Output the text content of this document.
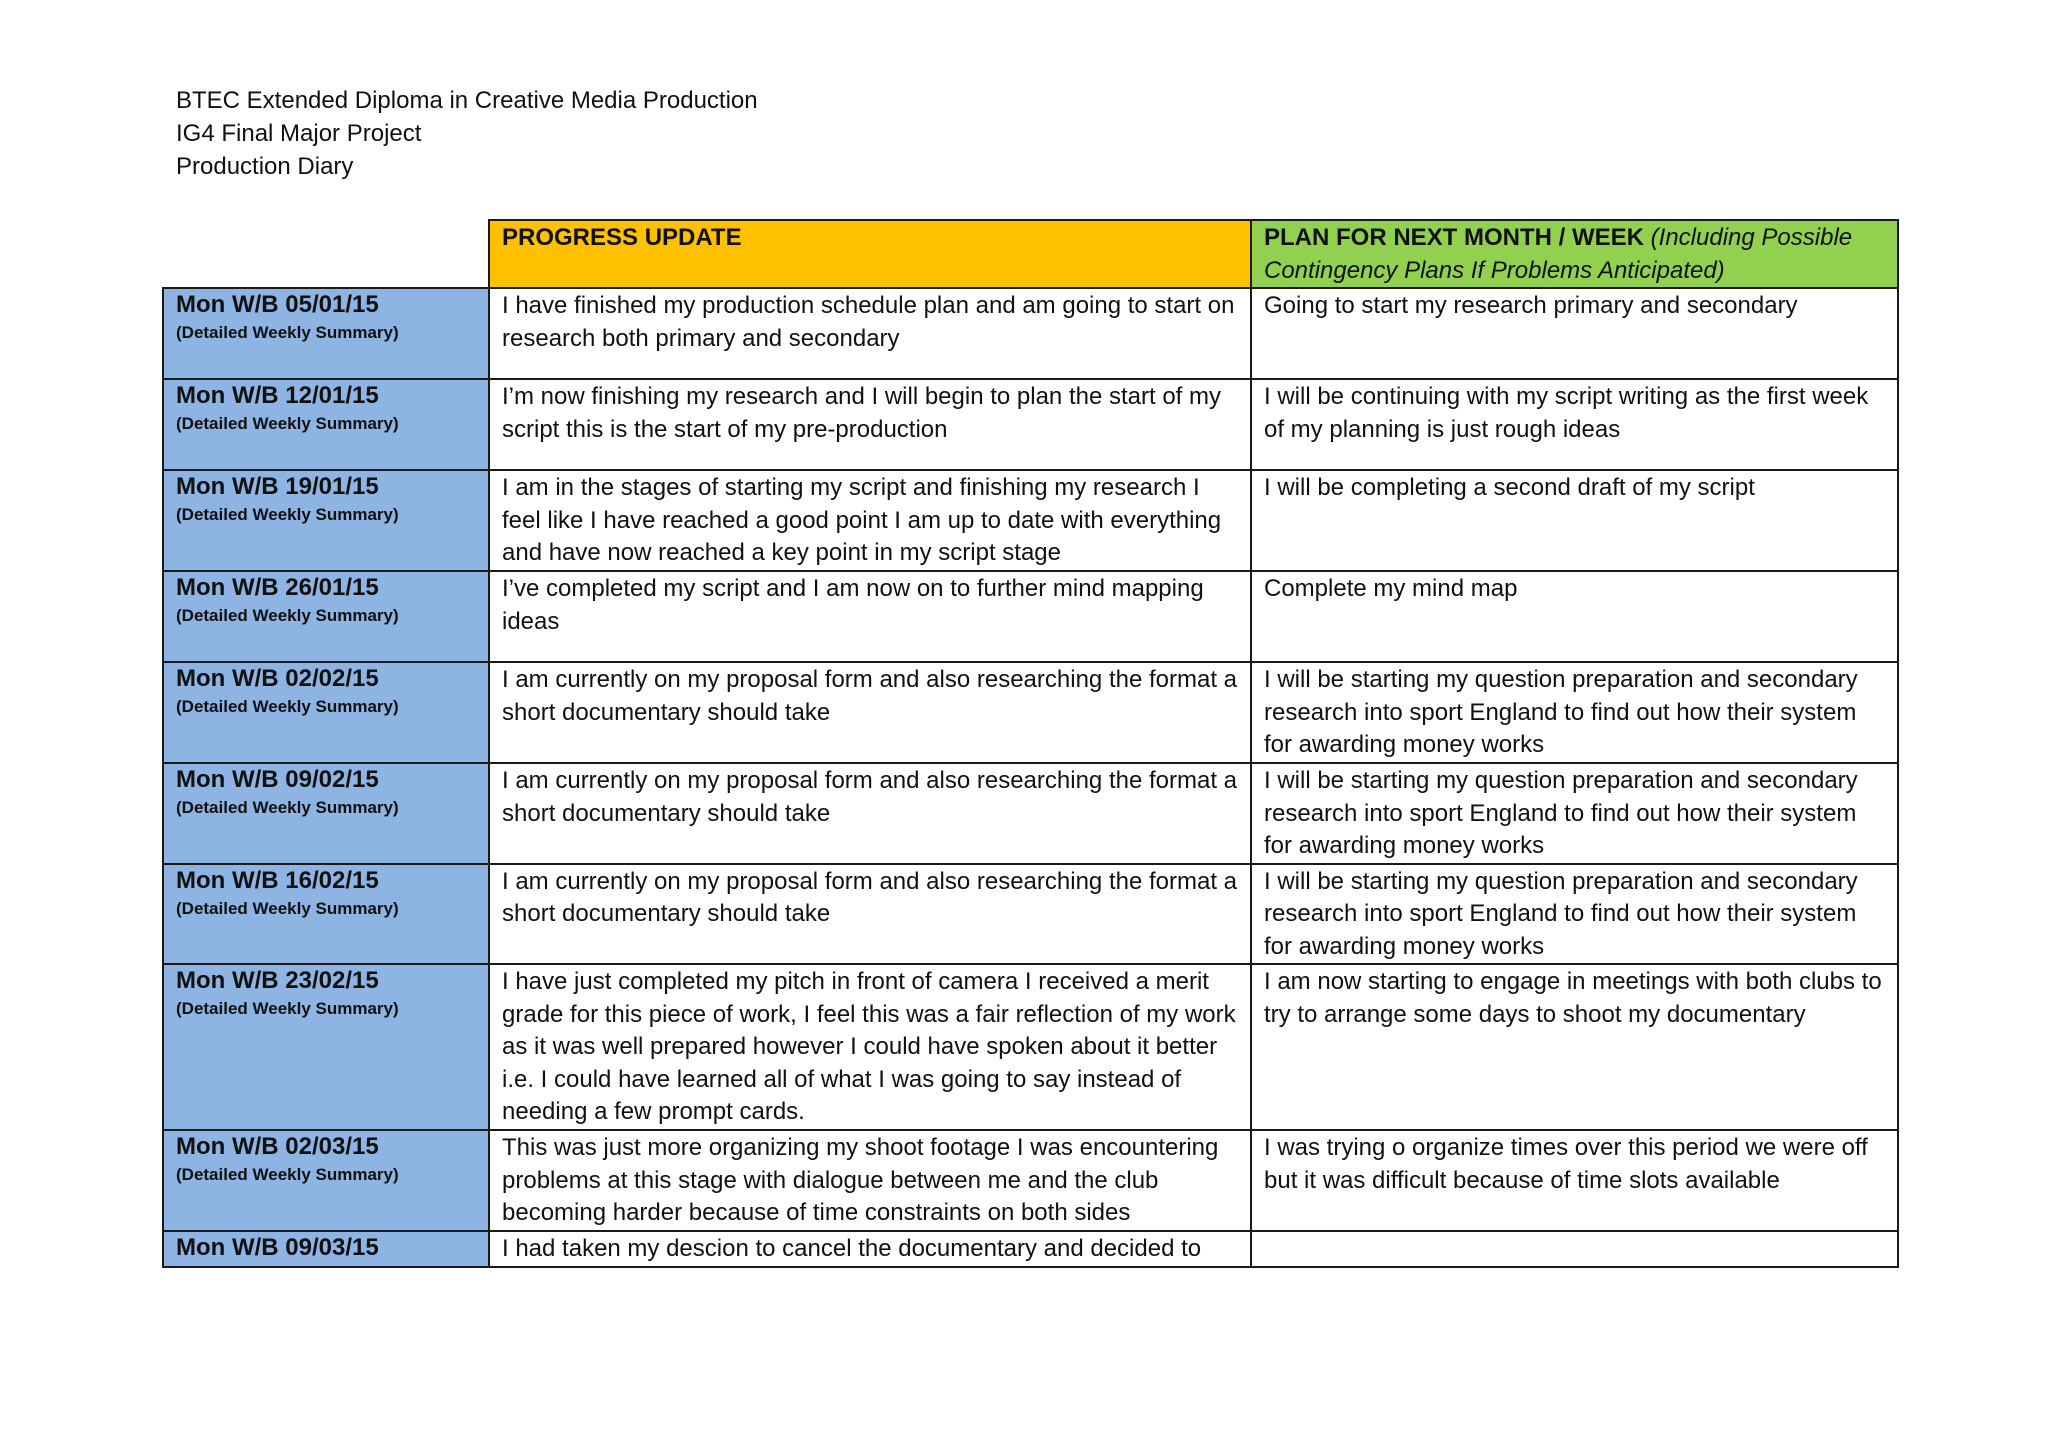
BTEC Extended Diploma in Creative Media Production
IG4 Final Major Project
Production Diary
	PROGRESS UPDATE	PLAN FOR NEXT MONTH / WEEK (Including Possible Contingency Plans If Problems Anticipated)

Mon W/B 05/01/15
(Detailed Weekly Summary)	I have finished my production schedule plan and am going to start on research both primary and secondary	Going to start my research primary and secondary

Mon W/B 12/01/15
(Detailed Weekly Summary)	I’m now finishing my research and I will begin to plan the start of my script this is the start of my pre-production	I will be continuing with my script writing as the first week of my planning is just rough ideas

Mon W/B 19/01/15
(Detailed Weekly Summary)	I am in the stages of starting my script and finishing my research I feel like I have reached a good point I am up to date with everything and have now reached a key point in my script stage	I will be completing a second draft of my script

Mon W/B 26/01/15
(Detailed Weekly Summary)	I’ve completed my script and I am now on to further mind mapping ideas	Complete my mind map

Mon W/B 02/02/15
(Detailed Weekly Summary)	I am currently on my proposal form and also researching the format a short documentary should take	I will be starting my question preparation and secondary research into sport England to find out how their system for awarding money works

Mon W/B 09/02/15
(Detailed Weekly Summary)	I am currently on my proposal form and also researching the format a short documentary should take	I will be starting my question preparation and secondary research into sport England to find out how their system for awarding money works

Mon W/B 16/02/15
(Detailed Weekly Summary)	I am currently on my proposal form and also researching the format a short documentary should take	I will be starting my question preparation and secondary research into sport England to find out how their system for awarding money works

Mon W/B 23/02/15
(Detailed Weekly Summary)	I have just completed my pitch in front of camera I received a merit grade for this piece of work, I feel this was a fair reflection of my work as it was well prepared however I could have spoken about it better i.e. I could have learned all of what I was going to say instead of needing a few prompt cards.	I am now starting to engage in meetings with both clubs to try to arrange some days to shoot my documentary

Mon W/B 02/03/15
(Detailed Weekly Summary)	This was just more organizing my shoot footage I was encountering problems at this stage with dialogue between me and the club becoming harder because of time constraints on both sides	I was trying o organize times over this period we were off but it was difficult because of time slots available

Mon W/B 09/03/15	I had taken my descion to cancel the documentary and decided to	
